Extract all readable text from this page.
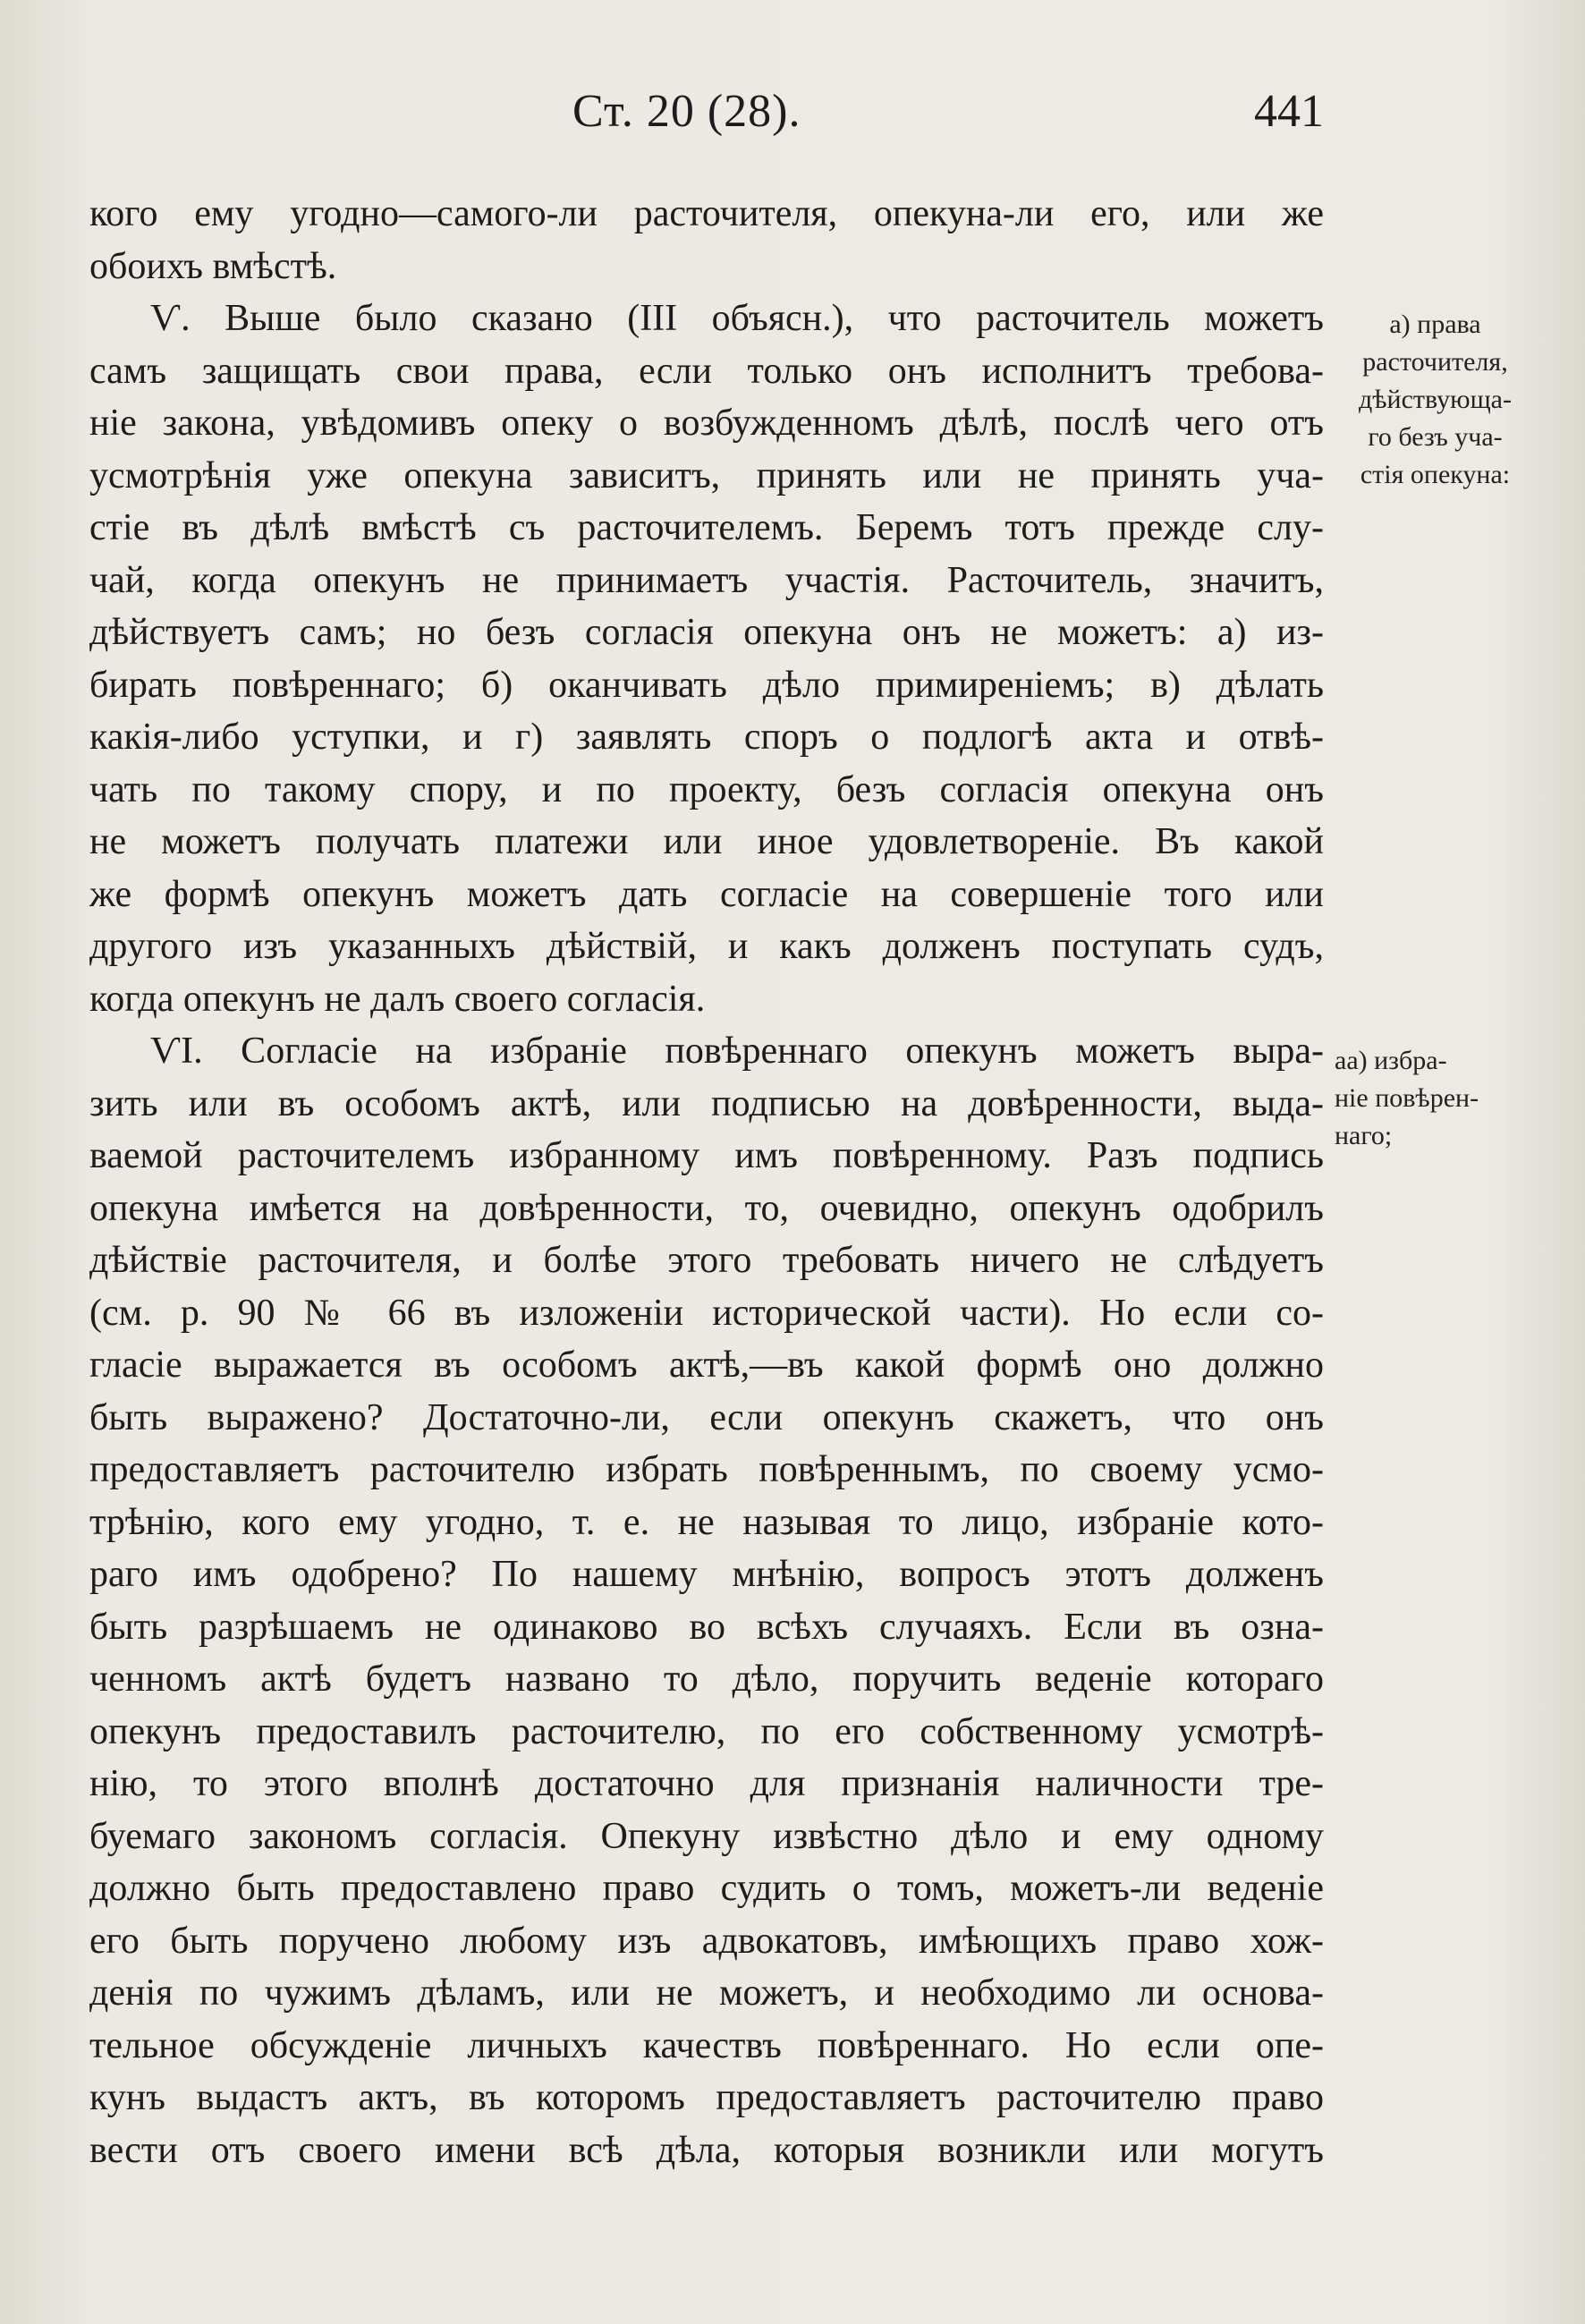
Ст. 20 (28).	441
кого ему угодно—самого-ли расточителя, опекуна-ли его, или же
обоихъ вмѣстѣ.
Ѵ. Выше было сказано (III объясн.), что расточитель можетъ
самъ защищать свои права, если только онъ исполнитъ требова-
ніе закона, увѣдомивъ опеку о возбужденномъ дѣлѣ, послѣ чего отъ
усмотрѣнія уже опекуна зависитъ, принять или не принять уча-
стіе въ дѣлѣ вмѣстѣ съ расточителемъ. Беремъ тотъ прежде слу-
чай, когда опекунъ не принимаетъ участія. Расточитель, значитъ,
дѣйствуетъ самъ; но безъ согласія опекуна онъ не можетъ: а) из-
бирать повѣреннаго; б) оканчивать дѣло примиреніемъ; в) дѣлать
какія-либо уступки, и г) заявлять споръ о подлогѣ акта и отвѣ-
чать по такому спору, и по проекту, безъ согласія опекуна онъ
не можетъ получать платежи или иное удовлетвореніе. Въ какой
же формѣ опекунъ можетъ дать согласіе на совершеніе того или
другого изъ указанныхъ дѣйствій, и какъ долженъ поступать судъ,
когда опекунъ не далъ своего согласія.
ѴI. Согласіе на избраніе повѣреннаго опекунъ можетъ выра-
зить или въ особомъ актѣ, или подписью на довѣренности, выда-
ваемой расточителемъ избранному имъ повѣренному. Разъ подпись
опекуна имѣется на довѣренности, то, очевидно, опекунъ одобрилъ
дѣйствіе расточителя, и болѣе этого требовать ничего не слѣдуетъ
(см. р. 90 № 66 въ изложеніи исторической части). Но если со-
гласіе выражается въ особомъ актѣ,—въ какой формѣ оно должно
быть выражено? Достаточно-ли, если опекунъ скажетъ, что онъ
предоставляетъ расточителю избрать повѣреннымъ, по своему усмо-
трѣнію, кого ему угодно, т. е. не называя то лицо, избраніе кото-
раго имъ одобрено? По нашему мнѣнію, вопросъ этотъ долженъ
быть разрѣшаемъ не одинаково во всѣхъ случаяхъ. Если въ озна-
ченномъ актѣ будетъ названо то дѣло, поручить веденіе котораго
опекунъ предоставилъ расточителю, по его собственному усмотрѣ-
нію, то этого вполнѣ достаточно для признанія наличности тре-
буемаго закономъ согласія. Опекуну извѣстно дѣло и ему одному
должно быть предоставлено право судить о томъ, можетъ-ли веденіе
его быть поручено любому изъ адвокатовъ, имѣющихъ право хож-
денія по чужимъ дѣламъ, или не можетъ, и необходимо ли основа-
тельное обсужденіе личныхъ качествъ повѣреннаго. Но если опе-
кунъ выдастъ актъ, въ которомъ предоставляетъ расточителю право
вести отъ своего имени всѣ дѣла, которыя возникли или могутъ
а) права
расточителя,
дѣйствующа-
го безъ уча-
стія опекуна:
аа) избра-
ніе повѣрен-
наго;
